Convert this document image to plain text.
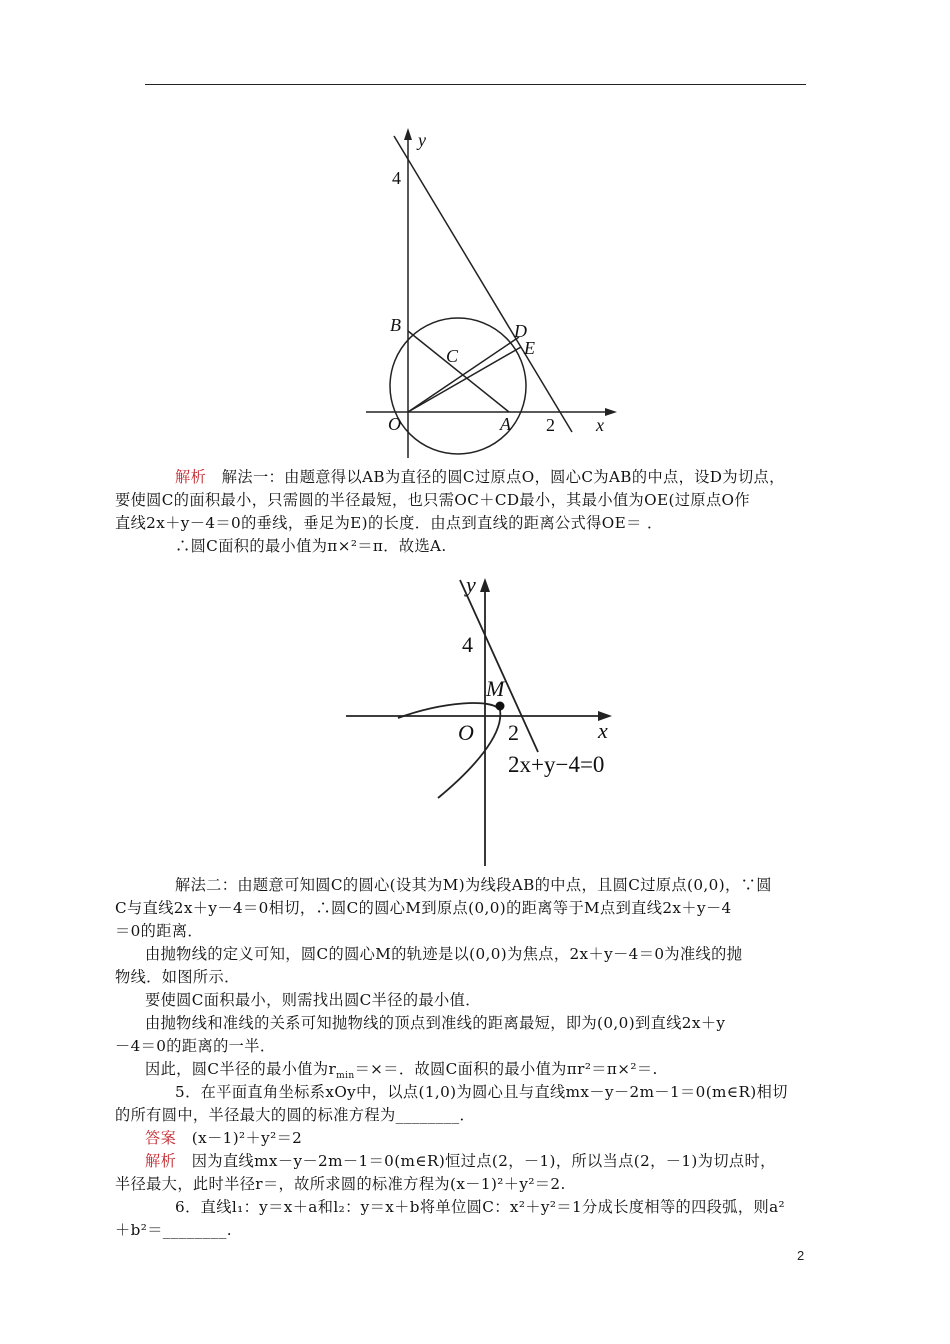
y
x
B
C
D
E
O	A
4
2
解析　 解法一：由题意得以AB为直径的圆C过原点O，圆心C为AB的中点，设D为切点，
要使圆C的面积最小，只需圆的半径最短，也只需OC＋CD最小，其最小值为OE(过原点O作
直线2x＋y－4＝0的垂线，垂足为E)的长度．由点到直线的距离公式得OE＝ ．

∴圆C面积的最小值为π×²＝π．故选A.

y
x
4
M
O 2
2x+y−4=0
解法二：由题意可知圆C的圆心(设其为M)为线段AB的中点，且圆C过原点(0,0)，∵圆
C与直线2x＋y－4＝0相切，∴圆C的圆心M到原点(0,0)的距离等于M点到直线2x＋y－4
＝0的距离．
由抛物线的定义可知，圆C的圆心M的轨迹是以(0,0)为焦点，2x＋y－4＝0为准线的抛
物线．如图所示．
要使圆C面积最小，则需找出圆C半径的最小值．
由抛物线和准线的关系可知抛物线的顶点到准线的距离最短，即为(0,0)到直线2x＋y
－4＝0的距离的一半．
因此，圆C半径的最小值为$r_{min}=\times=$．故圆C面积的最小值为πr²＝π×²＝.
5．在平面直角坐标系xOy中，以点(1,0)为圆心且与直线mx－y－2m－1＝0(m∈R)相切
的所有圆中，半径最大的圆的标准方程为________．
答案　 (x－1)²＋y²＝2
解析　 因为直线mx－y－2m－1＝0(m∈R)恒过点(2，－1)，所以当点(2，－1)为切点时，
半径最大，此时半径r＝，故所求圆的标准方程为(x－1)²＋y²＝2.
6．直线l₁：y＝x＋a和l₂：y＝x＋b将单位圆C：x²＋y²＝1分成长度相等的四段弧，则a²
＋b²＝________.
2
